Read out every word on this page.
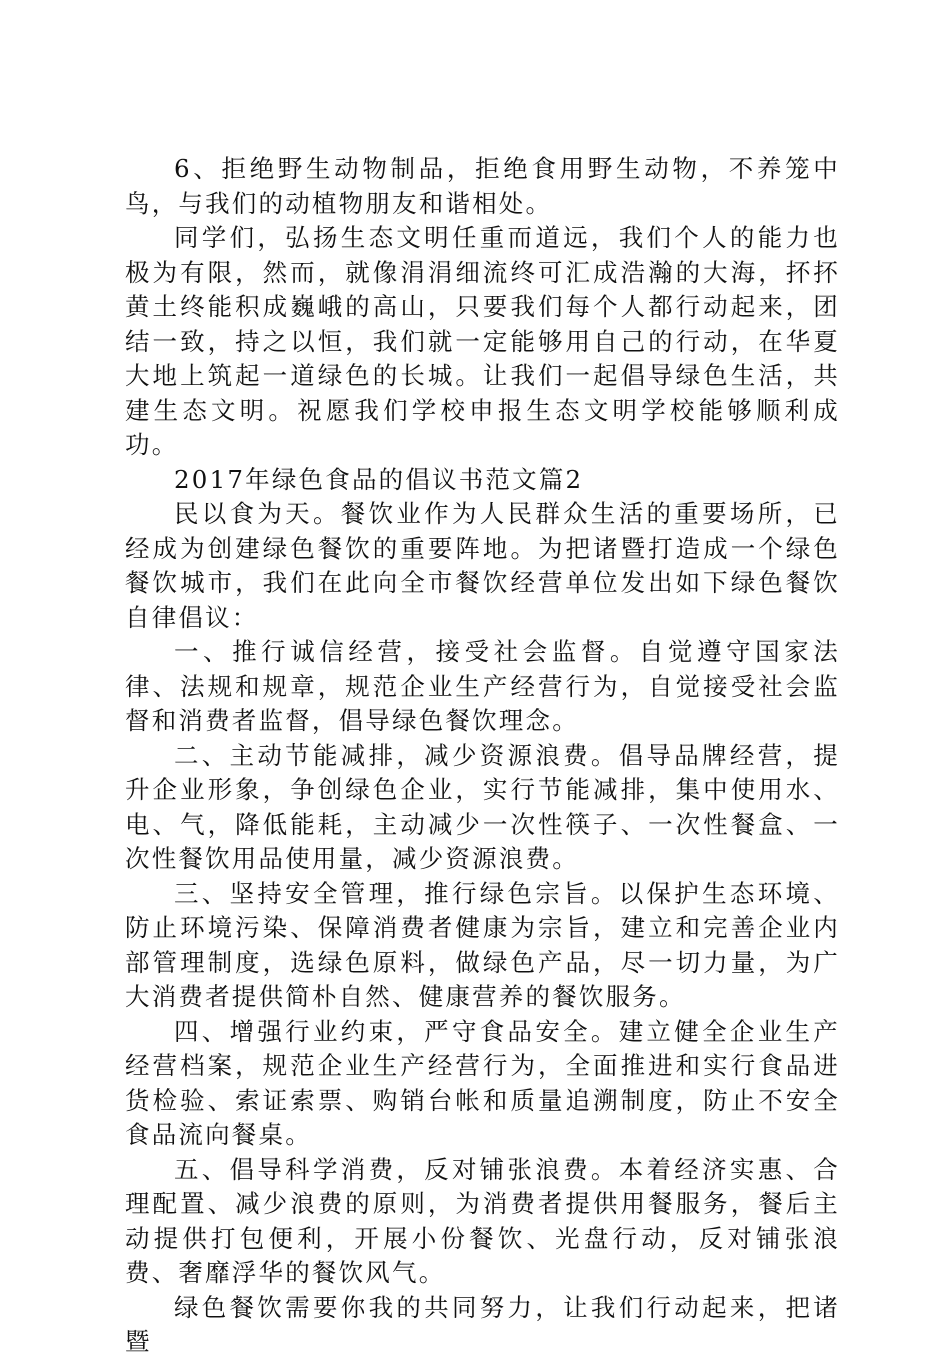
6、拒绝野生动物制品，拒绝食用野生动物，不养笼中鸟，与我们的动植物朋友和谐相处。

同学们，弘扬生态文明任重而道远，我们个人的能力也极为有限，然而，就像涓涓细流终可汇成浩瀚的大海，抔抔黄土终能积成巍峨的高山，只要我们每个人都行动起来，团结一致，持之以恒，我们就一定能够用自己的行动，在华夏大地上筑起一道绿色的长城。让我们一起倡导绿色生活，共建生态文明。祝愿我们学校申报生态文明学校能够顺利成功。

2017年绿色食品的倡议书范文篇2

民以食为天。餐饮业作为人民群众生活的重要场所，已经成为创建绿色餐饮的重要阵地。为把诸暨打造成一个绿色餐饮城市，我们在此向全市餐饮经营单位发出如下绿色餐饮自律倡议：

一、推行诚信经营，接受社会监督。自觉遵守国家法律、法规和规章，规范企业生产经营行为，自觉接受社会监督和消费者监督，倡导绿色餐饮理念。

二、主动节能减排，减少资源浪费。倡导品牌经营，提升企业形象，争创绿色企业，实行节能减排，集中使用水、电、气，降低能耗，主动减少一次性筷子、一次性餐盒、一次性餐饮用品使用量，减少资源浪费。

三、坚持安全管理，推行绿色宗旨。以保护生态环境、防止环境污染、保障消费者健康为宗旨，建立和完善企业内部管理制度，选绿色原料，做绿色产品，尽一切力量，为广大消费者提供简朴自然、健康营养的餐饮服务。

四、增强行业约束，严守食品安全。建立健全企业生产经营档案，规范企业生产经营行为，全面推进和实行食品进货检验、索证索票、购销台帐和质量追溯制度，防止不安全食品流向餐桌。

五、倡导科学消费，反对铺张浪费。本着经济实惠、合理配置、减少浪费的原则，为消费者提供用餐服务，餐后主动提供打包便利，开展小份餐饮、光盘行动，反对铺张浪费、奢靡浮华的餐饮风气。

绿色餐饮需要你我的共同努力，让我们行动起来，把诸暨
